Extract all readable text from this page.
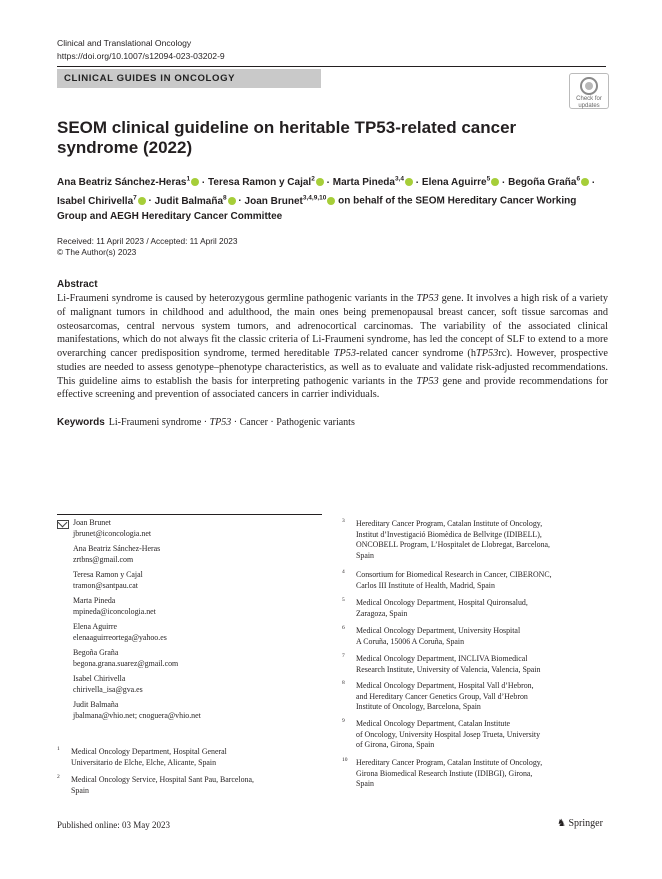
Clinical and Translational Oncology
https://doi.org/10.1007/s12094-023-03202-9
CLINICAL GUIDES IN ONCOLOGY
Check for
updates
SEOM clinical guideline on heritable TP53-related cancer syndrome (2022)
Ana Beatriz Sánchez-Heras$^1$ · Teresa Ramon y Cajal$^2$ · Marta Pineda$^{3,4}$ · Elena Aguirre$^5$ · Begoña Graña$^6$ · Isabel Chirivella$^7$ · Judit Balmaña$^8$ · Joan Brunet$^{3,4,9,10}$ on behalf of the SEOM Hereditary Cancer Working Group and AEGH Hereditary Cancer Committee
Received: 11 April 2023 / Accepted: 11 April 2023
© The Author(s) 2023
Abstract
Li-Fraumeni syndrome is caused by heterozygous germline pathogenic variants in the TP53 gene. It involves a high risk of a variety of malignant tumors in childhood and adulthood, the main ones being premenopausal breast cancer, soft tissue sarcomas and osteosarcomas, central nervous system tumors, and adrenocortical carcinomas. The variability of the associated clinical manifestations, which do not always fit the classic criteria of Li-Fraumeni syndrome, has led the concept of SLF to extend to a more overarching cancer predisposition syndrome, termed hereditable TP53-related cancer syndrome (hTP53rc). However, prospective studies are needed to assess genotype–phenotype characteristics, as well as to evaluate and validate risk-adjusted recommendations. This guideline aims to establish the basis for interpreting pathogenic variants in the TP53 gene and provide recommendations for effective screening and prevention of associated cancers in carrier individuals.
Keywords Li-Fraumeni syndrome · TP53 · Cancer · Pathogenic variants
Joan Brunet
jbrunet@iconcologia.net
Ana Beatriz Sánchez-Heras
zrtbns@gmail.com
Teresa Ramon y Cajal
tramon@santpau.cat
Marta Pineda
mpineda@iconcologia.net
Elena Aguirre
elenaaguirreortega@yahoo.es
Begoña Graña
begona.grana.suarez@gmail.com
Isabel Chirivella
chirivella_isa@gva.es
Judit Balmaña
jbalmana@vhio.net; cnoguera@vhio.net
1 Medical Oncology Department, Hospital General
Universitario de Elche, Elche, Alicante, Spain
2 Medical Oncology Service, Hospital Sant Pau, Barcelona,
Spain
3 Hereditary Cancer Program, Catalan Institute of Oncology,
Institut d’Investigació Biomèdica de Bellvitge (IDIBELL),
ONCOBELL Program, L’Hospitalet de Llobregat, Barcelona,
Spain
4 Consortium for Biomedical Research in Cancer, CIBERONC,
Carlos III Institute of Health, Madrid, Spain
5 Medical Oncology Department, Hospital Quironsalud,
Zaragoza, Spain
6 Medical Oncology Department, University Hospital
A Coruña, 15006 A Coruña, Spain
7 Medical Oncology Department, INCLIVA Biomedical
Research Institute, University of Valencia, Valencia, Spain
8 Medical Oncology Department, Hospital Vall d’Hebron,
and Hereditary Cancer Genetics Group, Vall d’Hebron
Institute of Oncology, Barcelona, Spain
9 Medical Oncology Department, Catalan Institute
of Oncology, University Hospital Josep Trueta, University
of Girona, Girona, Spain
10 Hereditary Cancer Program, Catalan Institute of Oncology,
Girona Biomedical Research Instiute (IDIBGI), Girona,
Spain
Published online: 03 May 2023	♞ Springer
